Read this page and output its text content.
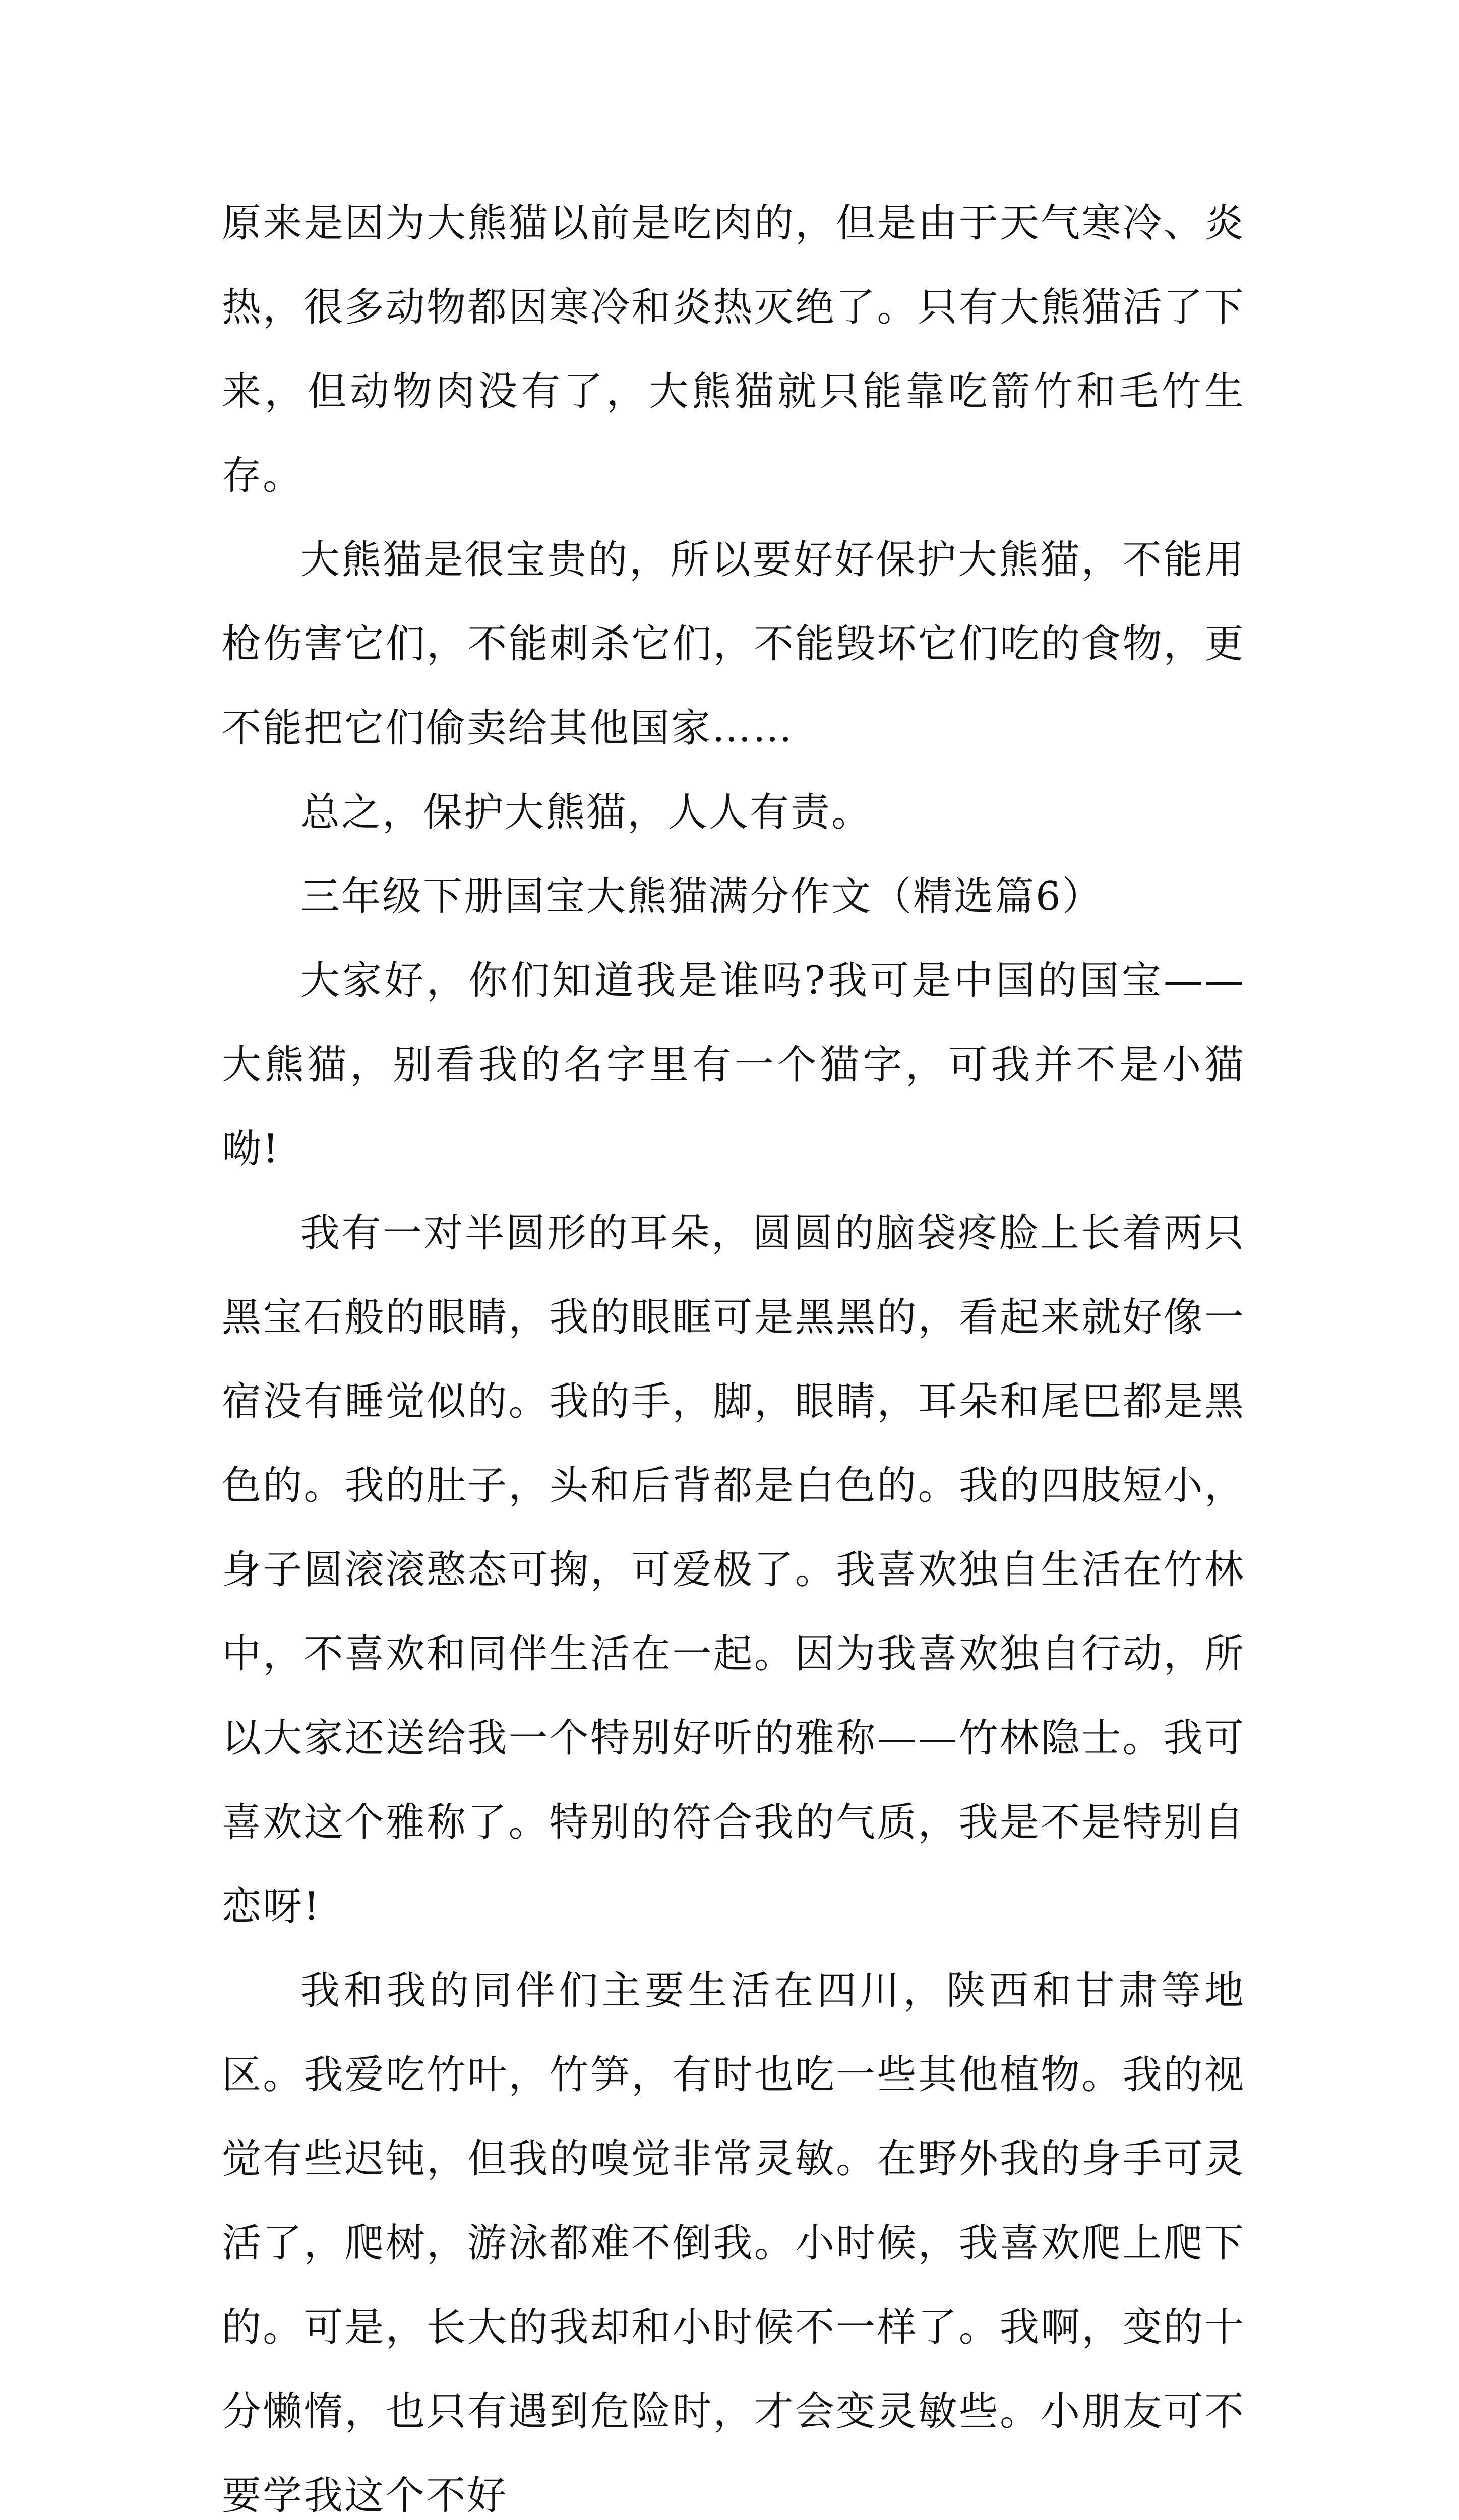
原来是因为大熊猫以前是吃肉的，但是由于天气寒冷、炎热，很多动物都因寒冷和炎热灭绝了。只有大熊猫活了下来，但动物肉没有了，大熊猫就只能靠吃箭竹和毛竹生存。

大熊猫是很宝贵的，所以要好好保护大熊猫，不能用枪伤害它们，不能刺杀它们，不能毁坏它们吃的食物，更不能把它们偷卖给其他国家……

总之，保护大熊猫，人人有责。

三年级下册国宝大熊猫满分作文（精选篇6）

大家好，你们知道我是谁吗?我可是中国的国宝——大熊猫，别看我的名字里有一个猫字，可我并不是小猫呦!

我有一对半圆形的耳朵，圆圆的脑袋疼脸上长着两只黑宝石般的眼睛，我的眼眶可是黑黑的，看起来就好像一宿没有睡觉似的。我的手，脚，眼睛，耳朵和尾巴都是黑色的。我的肚子，头和后背都是白色的。我的四肢短小，身子圆滚滚憨态可掬，可爱极了。我喜欢独自生活在竹林中，不喜欢和同伴生活在一起。因为我喜欢独自行动，所以大家还送给我一个特别好听的雅称——竹林隐士。我可喜欢这个雅称了。特别的符合我的气质，我是不是特别自恋呀!

我和我的同伴们主要生活在四川，陕西和甘肃等地区。我爱吃竹叶，竹笋，有时也吃一些其他植物。我的视觉有些迟钝，但我的嗅觉非常灵敏。在野外我的身手可灵活了，爬树，游泳都难不倒我。小时候，我喜欢爬上爬下的。可是，长大的我却和小时候不一样了。我啊，变的十分懒惰，也只有遇到危险时，才会变灵敏些。小朋友可不要学我这个不好
